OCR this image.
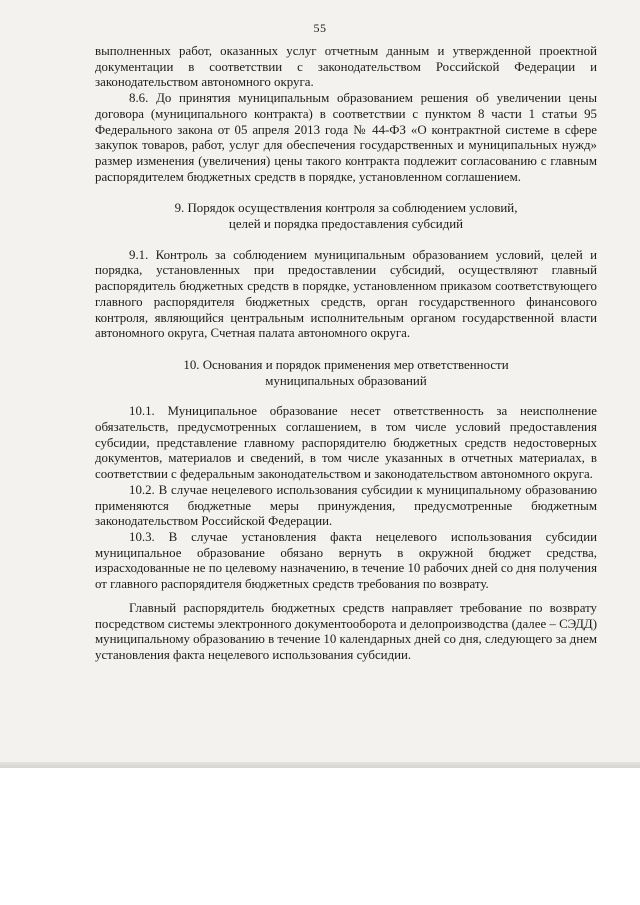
55

выполненных работ, оказанных услуг отчетным данным и утвержденной проектной документации в соответствии с законодательством Российской Федерации и законодательством автономного округа.

8.6. До принятия муниципальным образованием решения об увеличении цены договора (муниципального контракта) в соответствии с пунктом 8 части 1 статьи 95 Федерального закона от 05 апреля 2013 года № 44-ФЗ «О контрактной системе в сфере закупок товаров, работ, услуг для обеспечения государственных и муниципальных нужд» размер изменения (увеличения) цены такого контракта подлежит согласованию с главным распорядителем бюджетных средств в порядке, установленном соглашением.

9. Порядок осуществления контроля за соблюдением условий,
целей и порядка предоставления субсидий

9.1. Контроль за соблюдением муниципальным образованием условий, целей и порядка, установленных при предоставлении субсидий, осуществляют главный распорядитель бюджетных средств в порядке, установленном приказом соответствующего главного распорядителя бюджетных средств, орган государственного финансового контроля, являющийся центральным исполнительным органом государственной власти автономного округа, Счетная палата автономного округа.

10. Основания и порядок применения мер ответственности
муниципальных образований

10.1. Муниципальное образование несет ответственность за неисполнение обязательств, предусмотренных соглашением, в том числе условий предоставления субсидии, представление главному распорядителю бюджетных средств недостоверных документов, материалов и сведений, в том числе указанных в отчетных материалах, в соответствии с федеральным законодательством и законодательством автономного округа.

10.2. В случае нецелевого использования субсидии к муниципальному образованию применяются бюджетные меры принуждения, предусмотренные бюджетным законодательством Российской Федерации.

10.3. В случае установления факта нецелевого использования субсидии муниципальное образование обязано вернуть в окружной бюджет средства, израсходованные не по целевому назначению, в течение 10 рабочих дней со дня получения от главного распорядителя бюджетных средств требования по возврату.

Главный распорядитель бюджетных средств направляет требование по возврату посредством системы электронного документооборота и делопроизводства (далее – СЭДД) муниципальному образованию в течение 10 календарных дней со дня, следующего за днем установления факта нецелевого использования субсидии.
